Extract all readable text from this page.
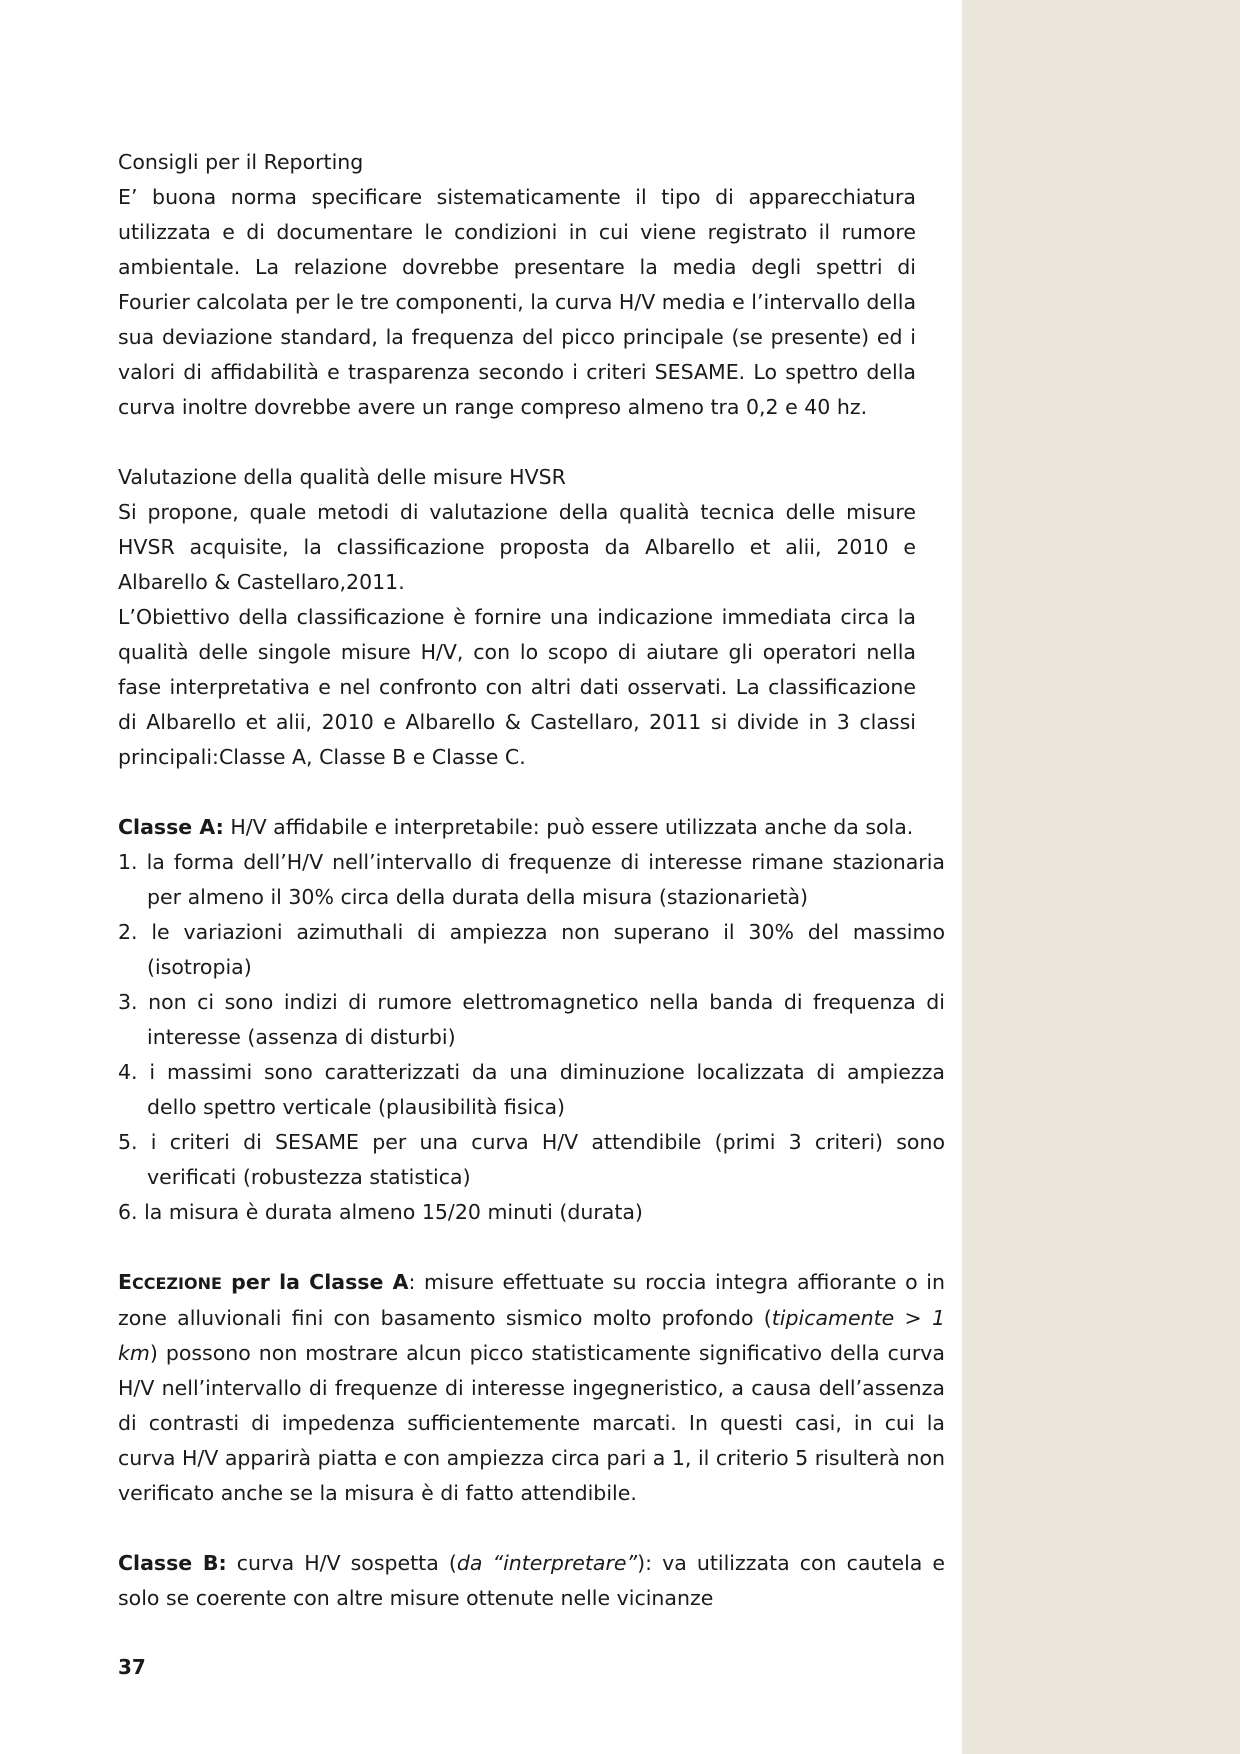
Consigli per il Reporting

E’ buona norma specificare sistematicamente il tipo di apparecchiatura utilizzata e di documentare le condizioni in cui viene registrato il rumore ambientale. La relazione dovrebbe presentare la media degli spettri di Fourier calcolata per le tre componenti, la curva H/V media e l’intervallo della sua deviazione standard, la frequenza del picco principale (se presente) ed i valori di affidabilità e trasparenza secondo i criteri SESAME. Lo spettro della curva inoltre dovrebbe avere un range compreso almeno tra 0,2 e 40 hz.

Valutazione della qualità delle misure HVSR

Si propone, quale metodi di valutazione della qualità tecnica delle misure HVSR acquisite, la classificazione proposta da Albarello et alii, 2010 e Albarello & Castellaro,2011.

L’Obiettivo della classificazione è fornire una indicazione immediata circa la qualità delle singole misure H/V, con lo scopo di aiutare gli operatori nella fase interpretativa e nel confronto con altri dati osservati. La classificazione di Albarello et alii, 2010 e Albarello & Castellaro, 2011 si divide in 3 classi principali:Classe A, Classe B e Classe C.

Classe A: H/V affidabile e interpretabile: può essere utilizzata anche da sola.

1. la forma dell’H/V nell’intervallo di frequenze di interesse rimane stazionaria per almeno il 30% circa della durata della misura (stazionarietà)
2. le variazioni azimuthali di ampiezza non superano il 30% del massimo (isotropia)
3. non ci sono indizi di rumore elettromagnetico nella banda di frequenza di interesse (assenza di disturbi)
4. i massimi sono caratterizzati da una diminuzione localizzata di ampiezza dello spettro verticale (plausibilità fisica)
5. i criteri di SESAME per una curva H/V attendibile (primi 3 criteri) sono verificati (robustezza statistica)
6. la misura è durata almeno 15/20 minuti (durata)

ECCEZIONE per la Classe A: misure effettuate su roccia integra affiorante o in zone alluvionali fini con basamento sismico molto profondo (tipicamente > 1 km) possono non mostrare alcun picco statisticamente significativo della curva H/V nell’intervallo di frequenze di interesse ingegneristico, a causa dell’assenza di contrasti di impedenza sufficientemente marcati. In questi casi, in cui la curva H/V apparirà piatta e con ampiezza circa pari a 1, il criterio 5 risulterà non verificato anche se la misura è di fatto attendibile.

Classe B: curva H/V sospetta (da “interpretare”): va utilizzata con cautela e solo se coerente con altre misure ottenute nelle vicinanze

37
